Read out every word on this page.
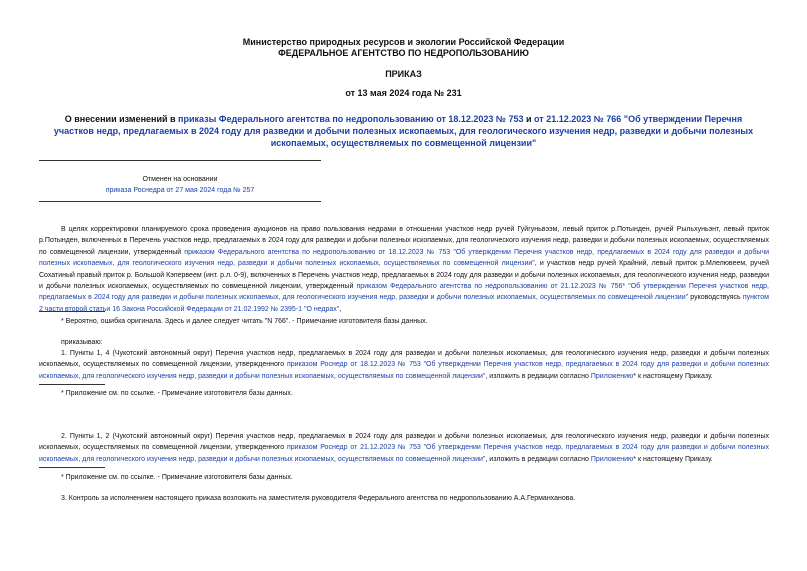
Министерство природных ресурсов и экологии Российской Федерации
ФЕДЕРАЛЬНОЕ АГЕНТСТВО ПО НЕДРОПОЛЬЗОВАНИЮ
ПРИКАЗ
от 13 мая 2024 года № 231
О внесении изменений в приказы Федерального агентства по недропользованию от 18.12.2023 № 753 и от 21.12.2023 № 766 "Об утверждении Перечня участков недр, предлагаемых в 2024 году для разведки и добычи полезных ископаемых, для геологического изучения недр, разведки и добычи полезных ископаемых, осуществляемых по совмещенной лицензии"
Отменен на основании
приказа Роснедра от 27 мая 2024 года № 257
В целях корректировки планируемого срока проведения аукционов на право пользования недрами в отношении участков недр ручей Гуйгуньвээм, левый приток р.Потынден, ручей Рыльхуньэнт, левый приток р.Потынден, включенных в Перечень участков недр, предлагаемых в 2024 году для разведки и добычи полезных ископаемых, для геологического изучения недр, разведки и добычи полезных ископаемых, осуществляемых по совмещенной лицензии, утвержденный приказом Федерального агентства по недропользованию от 18.12.2023 № 753 "Об утверждении Перечня участков недр, предлагаемых в 2024 году для разведки и добычи полезных ископаемых, для геологического изучения недр, разведки и добычи полезных ископаемых, осуществляемых по совмещенной лицензии", и участков недр ручей Крайний, левый приток р.Млелювеем, ручей Сохатиный правый приток р. Большой Кэпервеем (инт. р.л. 0-9), включенных в Перечень участков недр, предлагаемых в 2024 году для разведки и добычи полезных ископаемых, для геологического изучения недр, разведки и добычи полезных ископаемых, осуществляемых по совмещенной лицензии, утвержденный приказом Федерального агентства по недропользованию от 21.12.2023 № 756* "Об утверждении Перечня участков недр, предлагаемых в 2024 году для разведки и добычи полезных ископаемых, для геологического изучения недр, разведки и добычи полезных ископаемых, осуществляемых по совмещенной лицензии" руководствуясь пунктом 2 части второй статьи 16 Закона Российской Федерации от 21.02.1992 № 2395-1 "О недрах",
* Вероятно, ошибка оригинала. Здесь и далее следует читать "N 766". - Примечание изготовителя базы данных.
приказываю:
1. Пункты 1, 4 (Чукотский автономный округ) Перечня участков недр, предлагаемых в 2024 году для разведки и добычи полезных ископаемых, для геологического изучения недр, разведки и добычи полезных ископаемых, осуществляемых по совмещенной лицензии, утвержденного приказом Роснедр от 18.12.2023 № 753 "Об утверждении Перечня участков недр, предлагаемых в 2024 году для разведки и добычи полезных ископаемых, для геологического изучения недр, разведки и добычи полезных ископаемых, осуществляемых по совмещенной лицензии", изложить в редакции согласно Приложению* к настоящему Приказу.
* Приложение см. по ссылке. - Примечание изготовителя базы данных.
2. Пункты 1, 2 (Чукотский автономный округ) Перечня участков недр, предлагаемых в 2024 году для разведки и добычи полезных ископаемых, для геологического изучения недр, разведки и добычи полезных ископаемых, осуществляемых по совмещенной лицензии, утвержденного приказом Роснедр от 21.12.2023 № 753 "Об утверждении Перечня участков недр, предлагаемых в 2024 году для разведки и добычи полезных ископаемых, для геологического изучения недр, разведки и добычи полезных ископаемых, осуществляемых по совмещенной лицензии", изложить в редакции согласно Приложению* к настоящему Приказу.
* Приложение см. по ссылке. - Примечание изготовителя базы данных.
3. Контроль за исполнением настоящего приказа возложить на заместителя руководителя Федерального агентства по недропользованию А.А.Германханова.
